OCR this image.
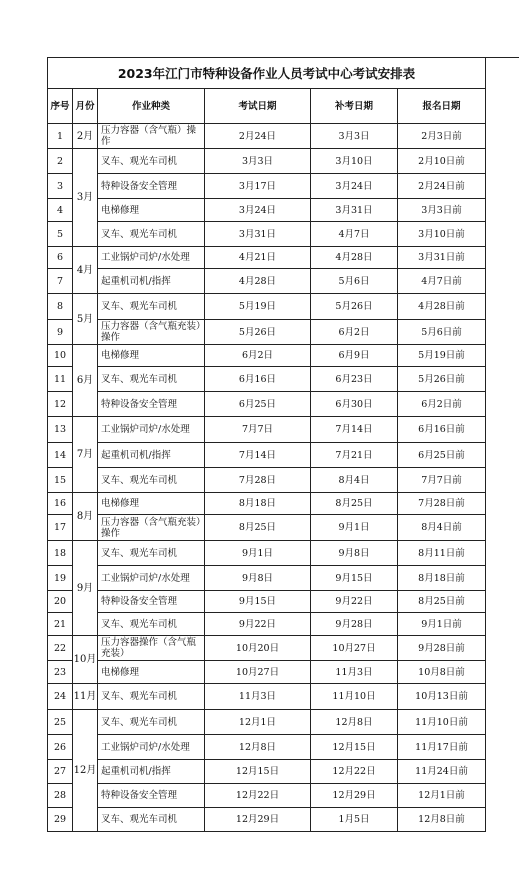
2023年江门市特种设备作业人员考试中心考试安排表					
序号	月份	作业种类	考试日期	补考日期	报名日期
1	2月	压力容器（含气瓶）操作	2月24日	3月3日	2月3日前
2	3月	叉车、观光车司机	3月3日	3月10日	2月10日前
3		特种设备安全管理	3月17日	3月24日	2月24日前
4		电梯修理	3月24日	3月31日	3月3日前
5		叉车、观光车司机	3月31日	4月7日	3月10日前
6	4月	工业锅炉司炉/水处理	4月21日	4月28日	3月31日前
7		起重机司机/指挥	4月28日	5月6日	4月7日前
8	5月	叉车、观光车司机	5月19日	5月26日	4月28日前
9		压力容器（含气瓶充装）操作	5月26日	6月2日	5月6日前
10	6月	电梯修理	6月2日	6月9日	5月19日前
11		叉车、观光车司机	6月16日	6月23日	5月26日前
12		特种设备安全管理	6月25日	6月30日	6月2日前
13	7月	工业锅炉司炉/水处理	7月7日	7月14日	6月16日前
14		起重机司机/指挥	7月14日	7月21日	6月25日前
15		叉车、观光车司机	7月28日	8月4日	7月7日前
16	8月	电梯修理	8月18日	8月25日	7月28日前
17		压力容器（含气瓶充装）操作	8月25日	9月1日	8月4日前
18	9月	叉车、观光车司机	9月1日	9月8日	8月11日前
19		工业锅炉司炉/水处理	9月8日	9月15日	8月18日前
20		特种设备安全管理	9月15日	9月22日	8月25日前
21		叉车、观光车司机	9月22日	9月28日	9月1日前
22	10月	压力容器操作（含气瓶充装）	10月20日	10月27日	9月28日前
23		电梯修理	10月27日	11月3日	10月8日前
24	11月	叉车、观光车司机	11月3日	11月10日	10月13日前
25	12月	叉车、观光车司机	12月1日	12月8日	11月10日前
26		工业锅炉司炉/水处理	12月8日	12月15日	11月17日前
27		起重机司机/指挥	12月15日	12月22日	11月24日前
28		特种设备安全管理	12月22日	12月29日	12月1日前
29		叉车、观光车司机	12月29日	1月5日	12月8日前
